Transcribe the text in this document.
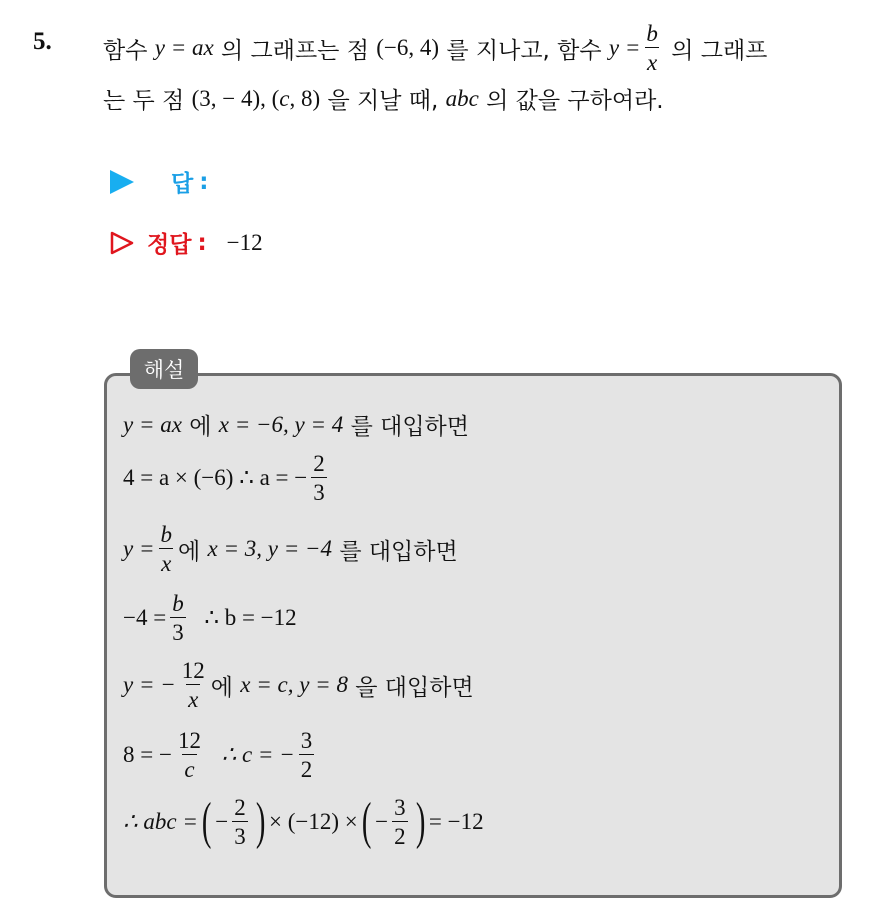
5. 함수
y = ax
의 그래프는 점
(−6, 4)
를 지나고, 함수
$y = \frac{b}{x}$
의 그래프
는 두 점
(3, − 4), ( c , 8)
을 지날 때,
abc
의 값을 구하여라.
답 :
정답 : −12
해설
y = ax
에
x = −6, y = 4
를 대입하면
4 = a × (−6) ∴ a = − $\frac{2}{3}$
$y = \frac{b}{x}$ 에
x = 3, y = −4
를 대입하면
$-4 = \frac{b}{3}$
∴ b = −12
y = − $\frac{12}{x}$ 에
x = c, y = 8
을 대입하면
8 = − $\frac{12}{c}$
∴ c = − $\frac{3}{2}$
∴ abc = ( − $\frac{2}{3}$ ) × (−12) × ( − $\frac{3}{2}$ ) = −12
